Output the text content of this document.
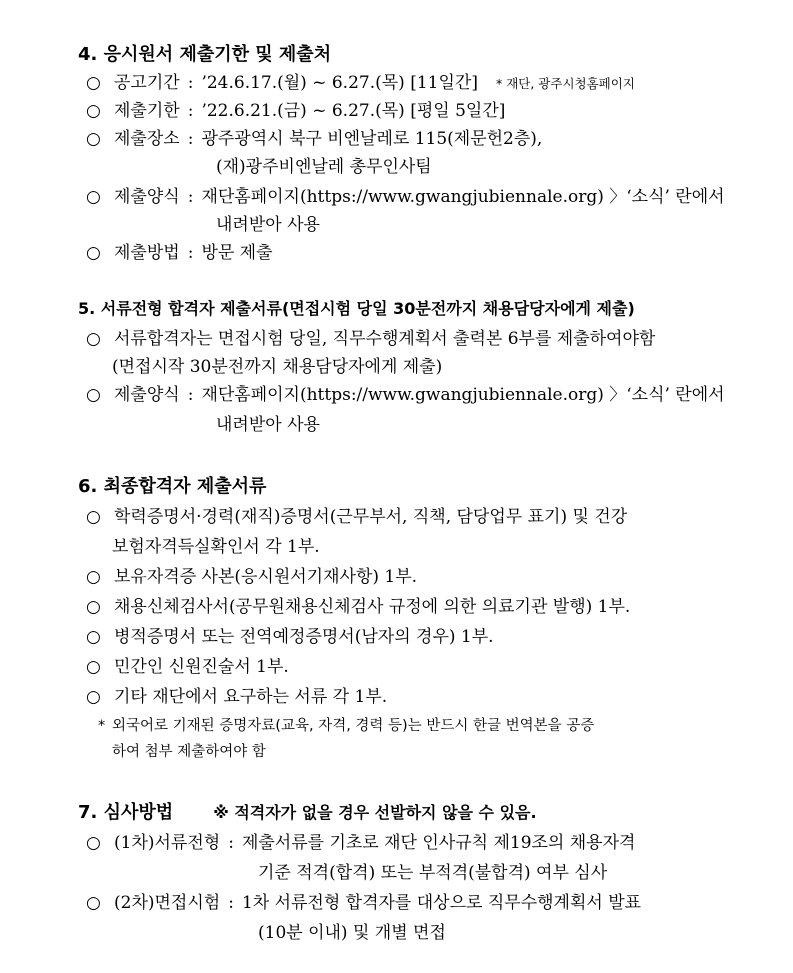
4. 응시원서 제출기한 및 제출처
○ 공고기간 : ’24.6.17.(월) ~ 6.27.(목) [11일간] * 재단, 광주시청홈페이지
○ 제출기한 : ’22.6.21.(금) ~ 6.27.(목) [평일 5일간]
○ 제출장소 : 광주광역시 북구 비엔날레로 115(제문헌2층),
(재)광주비엔날레 총무인사팀
○ 제출양식 : 재단홈페이지(https://www.gwangjubiennale.org) 〉‘소식’ 란에서
내려받아 사용
○ 제출방법 : 방문 제출
5. 서류전형 합격자 제출서류(면접시험 당일 30분전까지 채용담당자에게 제출)
○ 서류합격자는 면접시험 당일, 직무수행계획서 출력본 6부를 제출하여야함
(면접시작 30분전까지 채용담당자에게 제출)
○ 제출양식 : 재단홈페이지(https://www.gwangjubiennale.org) 〉‘소식’ 란에서
내려받아 사용
6. 최종합격자 제출서류
○ 학력증명서·경력(재직)증명서(근무부서, 직책, 담당업무 표기) 및 건강
보험자격득실확인서 각 1부.
○ 보유자격증 사본(응시원서기재사항) 1부.
○ 채용신체검사서(공무원채용신체검사 규정에 의한 의료기관 발행) 1부.
○ 병적증명서 또는 전역예정증명서(남자의 경우) 1부.
○ 민간인 신원진술서 1부.
○ 기타 재단에서 요구하는 서류 각 1부.
* 외국어로 기재된 증명자료(교육, 자격, 경력 등)는 반드시 한글 번역본을 공증
하여 첨부 제출하여야 함
7. 심사방법	※ 적격자가 없을 경우 선발하지 않을 수 있음.
○ (1차)서류전형 : 제출서류를 기초로 재단 인사규칙 제19조의 채용자격
기준 적격(합격) 또는 부적격(불합격) 여부 심사
○ (2차)면접시험 : 1차 서류전형 합격자를 대상으로 직무수행계획서 발표
(10분 이내) 및 개별 면접
